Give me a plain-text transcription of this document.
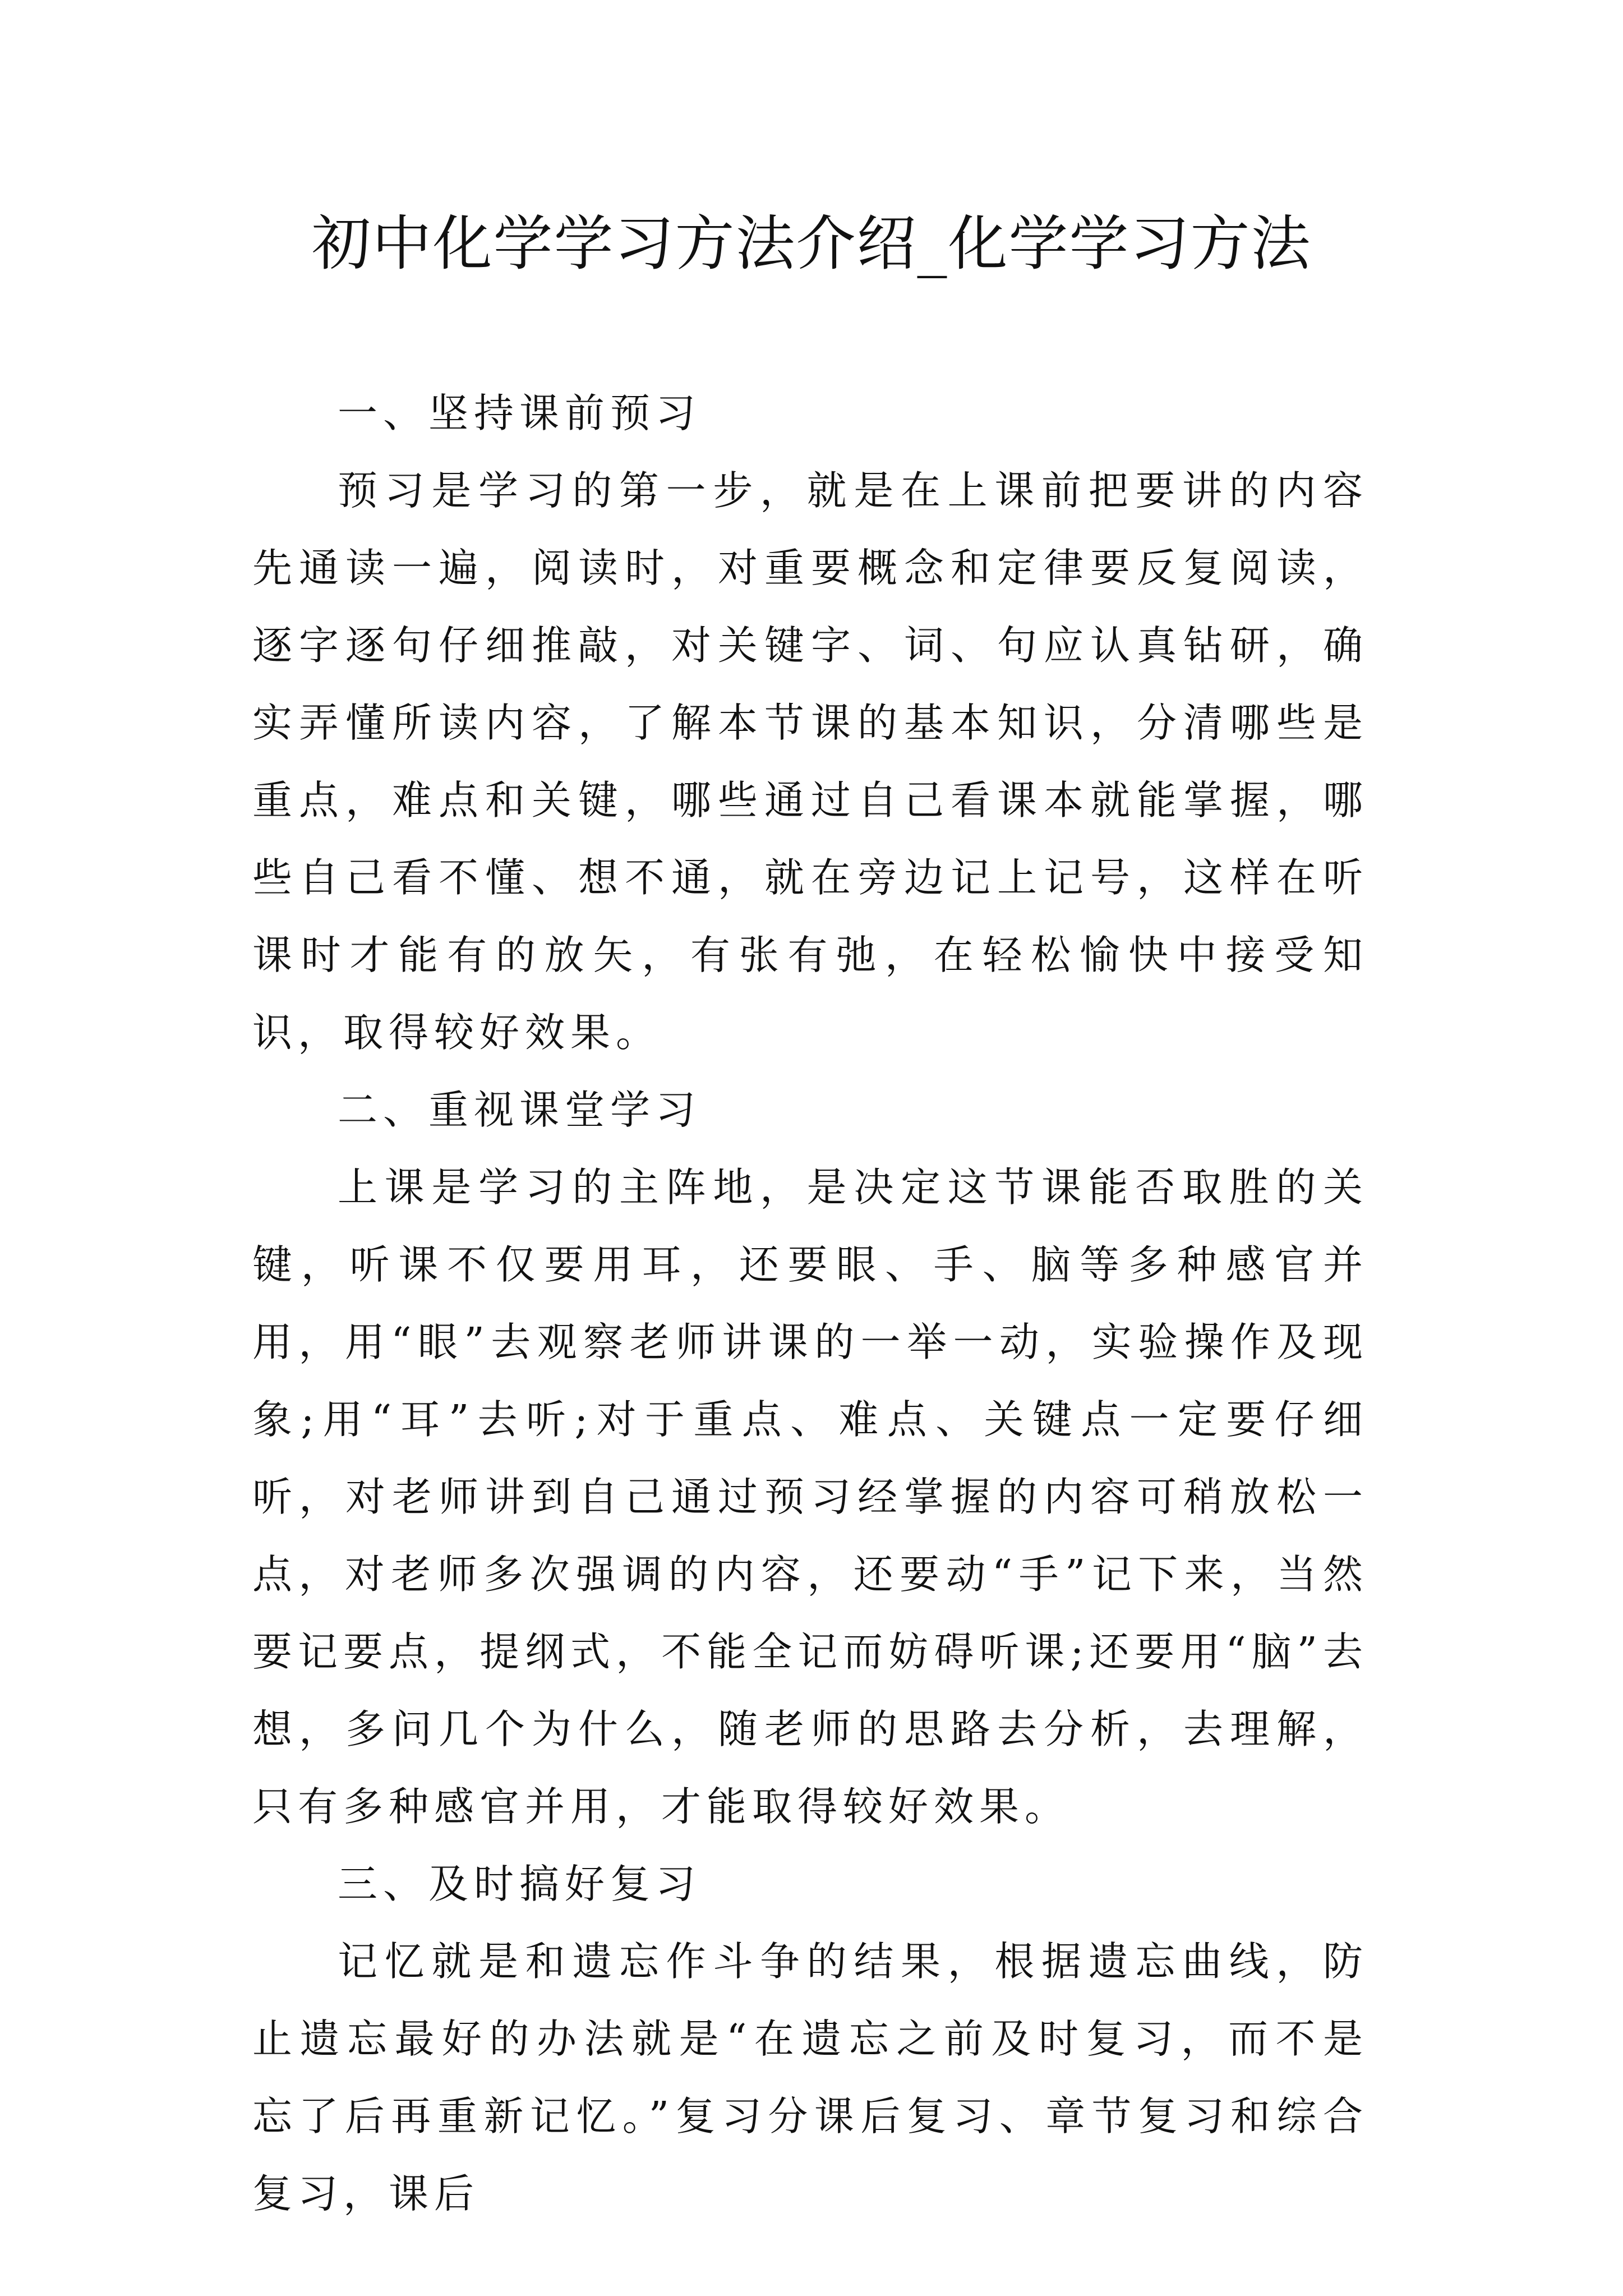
初中化学学习方法介绍_化学学习方法

一、坚持课前预习

预习是学习的第一步，就是在上课前把要讲的内容先通读一遍，阅读时，对重要概念和定律要反复阅读，逐字逐句仔细推敲，对关键字、词、句应认真钻研，确实弄懂所读内容，了解本节课的基本知识，分清哪些是重点，难点和关键，哪些通过自己看课本就能掌握，哪些自己看不懂、想不通，就在旁边记上记号，这样在听课时才能有的放矢，有张有弛，在轻松愉快中接受知识，取得较好效果。

二、重视课堂学习

上课是学习的主阵地，是决定这节课能否取胜的关键，听课不仅要用耳，还要眼、手、脑等多种感官并用，用“眼”去观察老师讲课的一举一动，实验操作及现象;用“耳”去听;对于重点、难点、关键点一定要仔细听，对老师讲到自己通过预习经掌握的内容可稍放松一点，对老师多次强调的内容，还要动“手”记下来，当然要记要点，提纲式，不能全记而妨碍听课;还要用“脑”去想，多问几个为什么，随老师的思路去分析，去理解，只有多种感官并用，才能取得较好效果。

三、及时搞好复习

记忆就是和遗忘作斗争的结果，根据遗忘曲线，防止遗忘最好的办法就是“在遗忘之前及时复习，而不是忘了后再重新记忆。”复习分课后复习、章节复习和综合复习，课后
